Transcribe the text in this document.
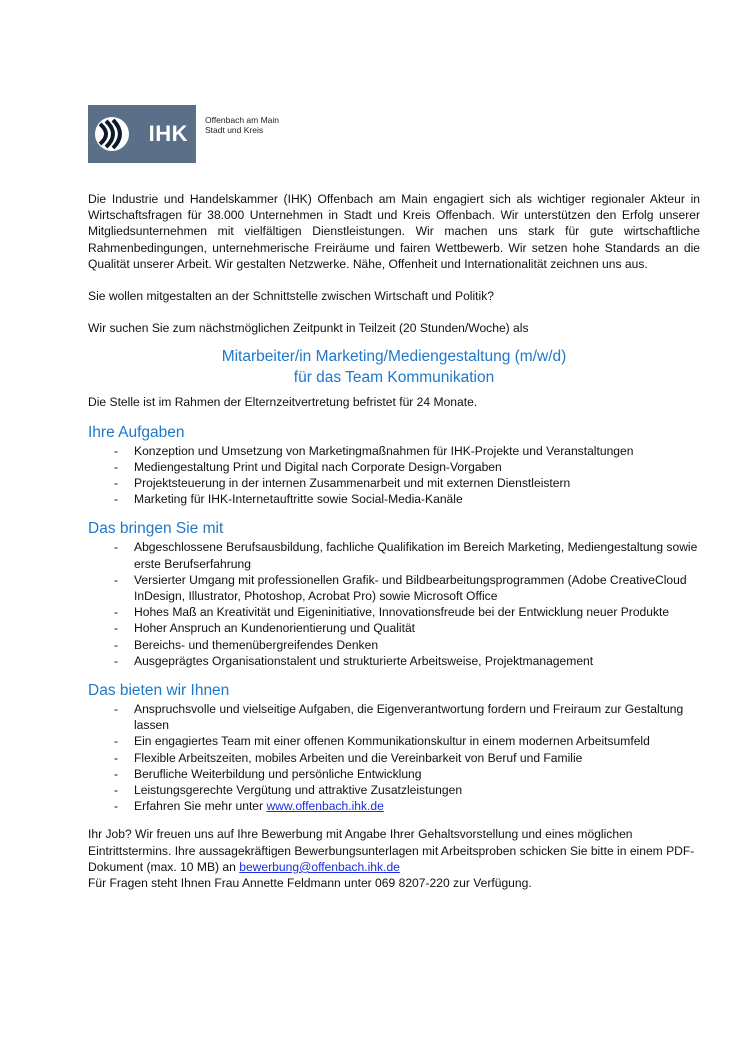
IHK
Offenbach am Main
Stadt und Kreis

Die Industrie und Handelskammer (IHK) Offenbach am Main engagiert sich als wichtiger regionaler Akteur in Wirtschaftsfragen für 38.000 Unternehmen in Stadt und Kreis Offenbach. Wir unterstützen den Erfolg unserer Mitgliedsunternehmen mit vielfältigen Dienstleistungen. Wir machen uns stark für gute wirtschaftliche Rahmenbedingungen, unternehmerische Freiräume und fairen Wettbewerb. Wir setzen hohe Standards an die Qualität unserer Arbeit. Wir gestalten Netzwerke. Nähe, Offenheit und Internationalität zeichnen uns aus.

Sie wollen mitgestalten an der Schnittstelle zwischen Wirtschaft und Politik?

Wir suchen Sie zum nächstmöglichen Zeitpunkt in Teilzeit (20 Stunden/Woche) als

Mitarbeiter/in Marketing/Mediengestaltung (m/w/d)
für das Team Kommunikation

Die Stelle ist im Rahmen der Elternzeitvertretung befristet für 24 Monate.

Ihre Aufgaben
- Konzeption und Umsetzung von Marketingmaßnahmen für IHK-Projekte und Veranstaltungen
- Mediengestaltung Print und Digital nach Corporate Design-Vorgaben
- Projektsteuerung in der internen Zusammenarbeit und mit externen Dienstleistern
- Marketing für IHK-Internetauftritte sowie Social-Media-Kanäle
Das bringen Sie mit
- Abgeschlossene Berufsausbildung, fachliche Qualifikation im Bereich Marketing, Mediengestaltung sowie erste Berufserfahrung
- Versierter Umgang mit professionellen Grafik- und Bildbearbeitungsprogrammen (Adobe CreativeCloud InDesign, Illustrator, Photoshop, Acrobat Pro) sowie Microsoft Office
- Hohes Maß an Kreativität und Eigeninitiative, Innovationsfreude bei der Entwicklung neuer Produkte
- Hoher Anspruch an Kundenorientierung und Qualität
- Bereichs- und themenübergreifendes Denken
- Ausgeprägtes Organisationstalent und strukturierte Arbeitsweise, Projektmanagement
Das bieten wir Ihnen
- Anspruchsvolle und vielseitige Aufgaben, die Eigenverantwortung fordern und Freiraum zur Gestaltung lassen
- Ein engagiertes Team mit einer offenen Kommunikationskultur in einem modernen Arbeitsumfeld
- Flexible Arbeitszeiten, mobiles Arbeiten und die Vereinbarkeit von Beruf und Familie
- Berufliche Weiterbildung und persönliche Entwicklung
- Leistungsgerechte Vergütung und attraktive Zusatzleistungen
- Erfahren Sie mehr unter www.offenbach.ihk.de

Ihr Job? Wir freuen uns auf Ihre Bewerbung mit Angabe Ihrer Gehaltsvorstellung und eines möglichen Eintrittstermins. Ihre aussagekräftigen Bewerbungsunterlagen mit Arbeitsproben schicken Sie bitte in einem PDF-Dokument (max. 10 MB) an bewerbung@offenbach.ihk.de

Für Fragen steht Ihnen Frau Annette Feldmann unter 069 8207-220 zur Verfügung.
